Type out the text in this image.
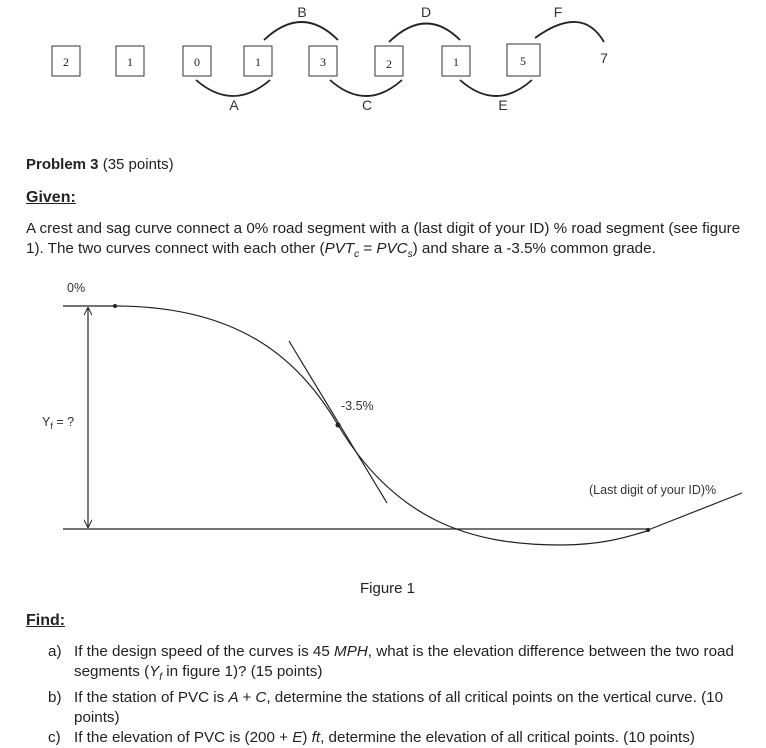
2	1	0	1	3	2	1	5	7
A
B
C
D
E
F
Problem 3 (35 points)
Given:
A crest and sag curve connect a 0% road segment with a (last digit of your ID) % road segment (see figure 1). The two curves connect with each other $(PVT_c = PVC_s)$ and share a -3.5% common grade.
0%
$Y_f$ = ?
-3.5%
(Last digit of your ID)%
Figure 1
Find:
a) If the design speed of the curves is 45 MPH, what is the elevation difference between the two road segments ($Y_f$ in figure 1)? (15 points)
b) If the station of PVC is A + C, determine the stations of all critical points on the vertical curve. (10 points)
c) If the elevation of PVC is (200 + E) ft, determine the elevation of all critical points. (10 points)
